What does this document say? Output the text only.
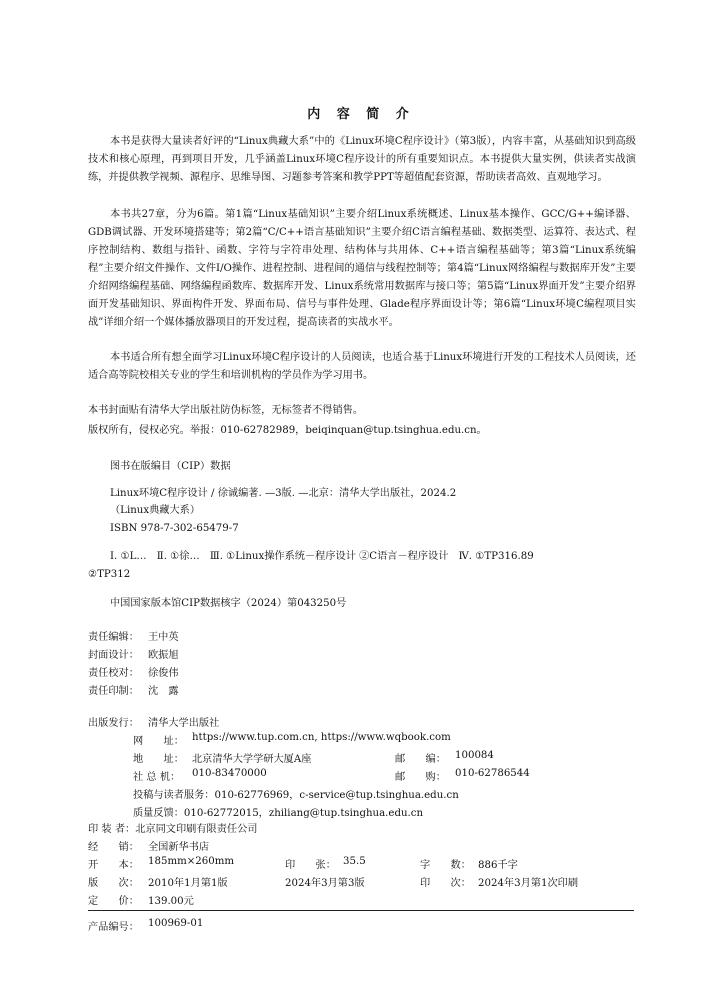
内 容 简 介
本书是获得大量读者好评的“Linux典藏大系”中的《Linux环境C程序设计》（第3版），内容丰富，从基础知识到高级技术和核心原理，再到项目开发，几乎涵盖Linux环境C程序设计的所有重要知识点。本书提供大量实例，供读者实战演练，并提供教学视频、源程序、思维导图、习题参考答案和教学PPT等超值配套资源，帮助读者高效、直观地学习。
本书共27章，分为6篇。第1篇“Linux基础知识”主要介绍Linux系统概述、Linux基本操作、GCC/G++编译器、GDB调试器、开发环境搭建等；第2篇“C/C++语言基础知识”主要介绍C语言编程基础、数据类型、运算符、表达式、程序控制结构、数组与指针、函数、字符与字符串处理、结构体与共用体、C++语言编程基础等；第3篇“Linux系统编程”主要介绍文件操作、文件I/O操作、进程控制、进程间的通信与线程控制等；第4篇“Linux网络编程与数据库开发”主要介绍网络编程基础、网络编程函数库、数据库开发、Linux系统常用数据库与接口等；第5篇“Linux界面开发”主要介绍界面开发基础知识、界面构件开发、界面布局、信号与事件处理、Glade程序界面设计等；第6篇“Linux环境C编程项目实战”详细介绍一个媒体播放器项目的开发过程，提高读者的实战水平。
本书适合所有想全面学习Linux环境C程序设计的人员阅读，也适合基于Linux环境进行开发的工程技术人员阅读，还适合高等院校相关专业的学生和培训机构的学员作为学习用书。
本书封面贴有清华大学出版社防伪标签，无标签者不得销售。
版权所有，侵权必究。举报：010-62782989，beiqinquan@tup.tsinghua.edu.cn。
图书在版编目（CIP）数据
Linux环境C程序设计 / 徐诚编著. —3版. —北京：清华大学出版社，2024.2
（Linux典藏大系）
ISBN 978-7-302-65479-7
Ⅰ. ①L…　Ⅱ. ①徐…　Ⅲ. ①Linux操作系统－程序设计 ②C语言－程序设计　Ⅳ. ①TP316.89
②TP312
中国国家版本馆CIP数据核字（2024）第043250号
责任编辑： 王中英
封面设计： 欧振旭
责任校对： 徐俊伟
责任印制： 沈　露
出版发行： 清华大学出版社
网　　址： https://www.tup.com.cn, https://www.wqbook.com
地　　址： 北京清华大学学研大厦A座	邮　　编： 100084
社 总 机： 010-83470000	邮　　购： 010-62786544
投稿与读者服务：010-62776969，c-service@tup.tsinghua.edu.cn
质量反馈：010-62772015，zhiliang@tup.tsinghua.edu.cn
印 装 者：北京同文印刷有限责任公司
经　　销： 全国新华书店
开　　本： 185mm×260mm	印　　张： 35.5	字　　数： 886千字
版　　次： 2010年1月第1版	2024年3月第3版	印　　次： 2024年3月第1次印刷
定　　价： 139.00元
产品编号： 100969-01
